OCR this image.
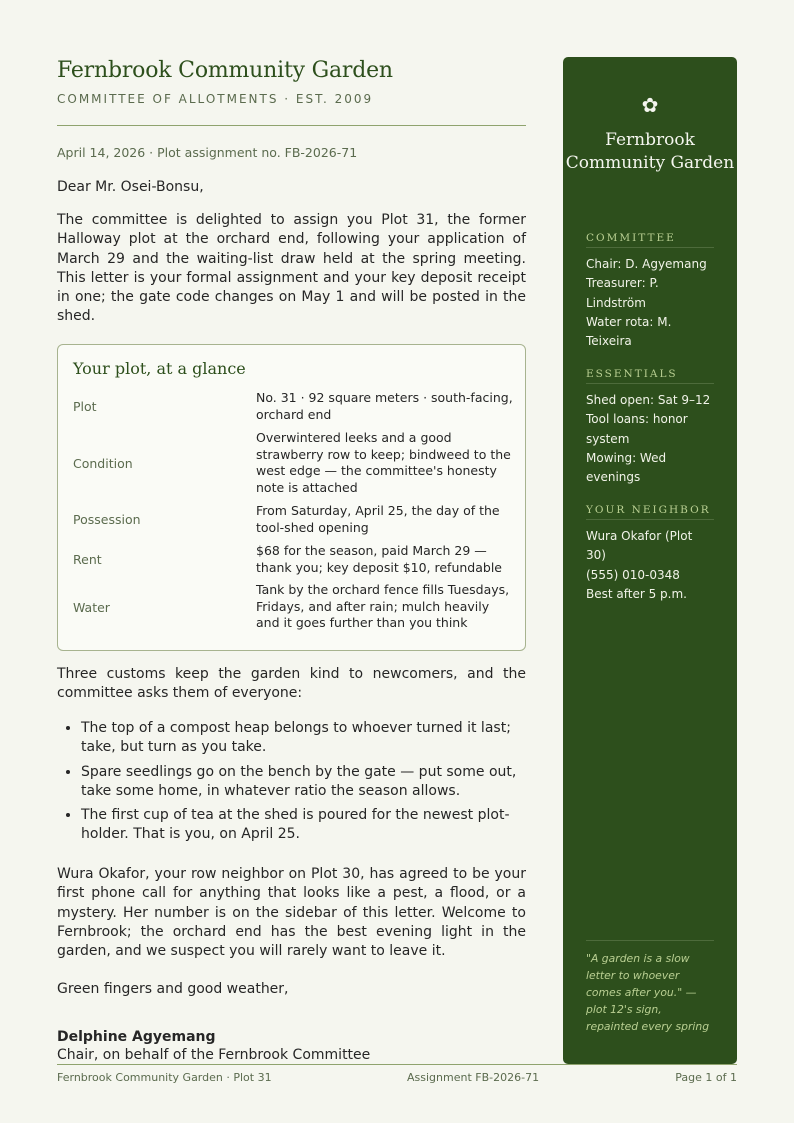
Fernbrook Community Garden
COMMITTEE OF ALLOTMENTS · EST. 2009
April 14, 2026 · Plot assignment no. FB-2026-71
Dear Mr. Osei-Bonsu,

The committee is delighted to assign you Plot 31, the former Halloway plot at the orchard end, following your application of March 29 and the waiting-list draw held at the spring meeting. This letter is your formal assignment and your key deposit receipt in one; the gate code changes on May 1 and will be posted in the shed.

Your plot, at a glance
Plot
No. 31 · 92 square meters · south-facing, orchard end
Condition
Overwintered leeks and a good strawberry row to keep; bindweed to the west edge — the committee's honesty note is attached
Possession
From Saturday, April 25, the day of the tool-shed opening
Rent
$68 for the season, paid March 29 — thank you; key deposit $10, refundable
Water
Tank by the orchard fence fills Tuesdays, Fridays, and after rain; mulch heavily and it goes further than you think

Three customs keep the garden kind to newcomers, and the committee asks them of everyone:

• The top of a compost heap belongs to whoever turned it last; take, but turn as you take.
• Spare seedlings go on the bench by the gate — put some out, take some home, in whatever ratio the season allows.
• The first cup of tea at the shed is poured for the newest plot-holder. That is you, on April 25.

Wura Okafor, your row neighbor on Plot 30, has agreed to be your first phone call for anything that looks like a pest, a flood, or a mystery. Her number is on the sidebar of this letter. Welcome to Fernbrook; the orchard end has the best evening light in the garden, and we suspect you will rarely want to leave it.

Green fingers and good weather,
Delphine Agyemang
Chair, on behalf of the Fernbrook Committee
✿
Fernbrook Community Garden
COMMITTEE
Chair: D. Agyemang
Treasurer: P. Lindström
Water rota: M. Teixeira
ESSENTIALS
Shed open: Sat 9–12
Tool loans: honor system
Mowing: Wed evenings
YOUR NEIGHBOR
Wura Okafor (Plot 30)
(555) 010-0348
Best after 5 p.m.
"A garden is a slow letter to whoever comes after you." — plot 12's sign, repainted every spring
Fernbrook Community Garden · Plot 31	Assignment FB-2026-71	Page 1 of 1
